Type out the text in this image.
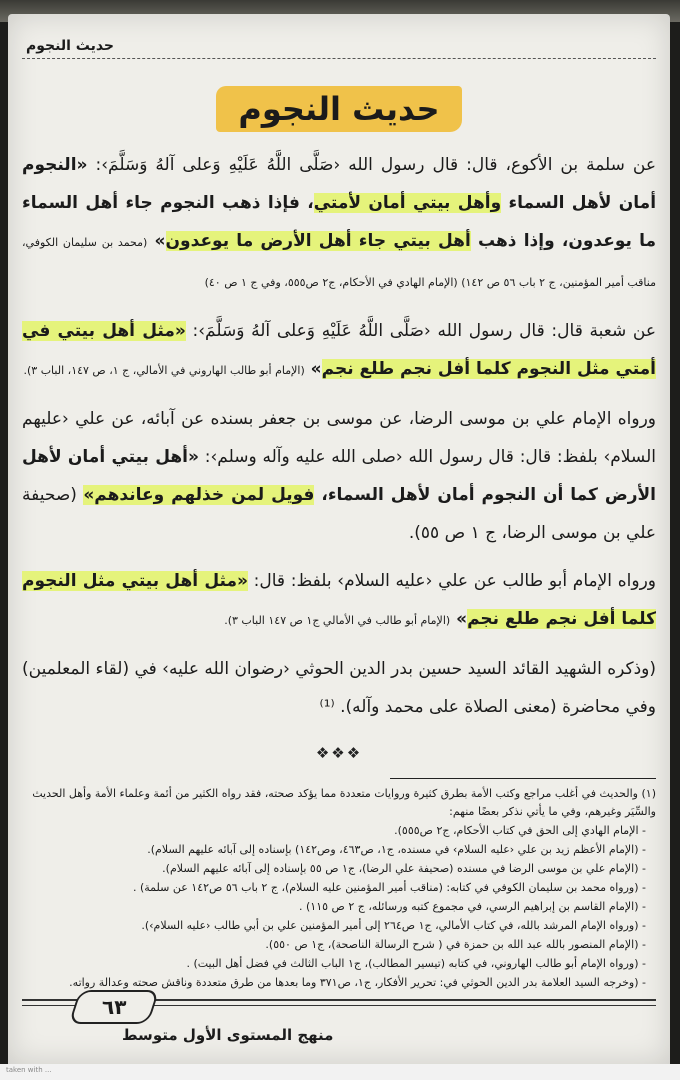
حديث النجوم
حديث النجوم

عن سلمة بن الأكوع، قال: قال رسول الله ‹صَلَّى اللَّهُ عَلَيْهِ وَعلى آلهُ وَسَلَّمَ›: «النجوم أمان لأهل السماء وأهل بيتي أمان لأمتي، فإذا ذهب النجوم جاء أهل السماء ما يوعدون، وإذا ذهب أهل بيتي جاء أهل الأرض ما يوعدون» (محمد بن سليمان الكوفي، مناقب أمير المؤمنين، ج ٢ باب ٥٦ ص ١٤٢) (الإمام الهادي في الأحكام، ج٢ ص٥٥٥، وفي ج ١ ص ٤٠)

عن شعبة قال: قال رسول الله ‹صَلَّى اللَّهُ عَلَيْهِ وَعلى آلهُ وَسَلَّمَ›: «مثل أهل بيتي في أمتي مثل النجوم كلما أفل نجم طلع نجم» (الإمام أبو طالب الهاروني في الأمالي، ج ١، ص ١٤٧، الباب ٣).

ورواه الإمام علي بن موسى الرضا، عن موسى بن جعفر بسنده عن آبائه، عن علي ‹عليهم السلام› بلفظ: قال: قال رسول الله ‹صلى الله عليه وآله وسلم›: «أهل بيتي أمان لأهل الأرض كما أن النجوم أمان لأهل السماء، فويل لمن خذلهم وعاندهم» (صحيفة علي بن موسى الرضا، ج ١ ص ٥٥).

ورواه الإمام أبو طالب عن علي ‹عليه السلام› بلفظ: قال: «مثل أهل بيتي مثل النجوم كلما أفل نجم طلع نجم» (الإمام أبو طالب في الأمالي ج١ ص ١٤٧ الباب ٣).

(وذكره الشهيد القائد السيد حسين بدر الدين الحوثي ‹رضوان الله عليه› في (لقاء المعلمين) وفي محاضرة (معنى الصلاة على محمد وآله). ⁽¹⁾

❖❖❖
(١) والحديث في أغلب مراجع وكتب الأمة بطرق كثيرة وروايات متعددة مما يؤكد صحته، فقد رواه الكثير من أئمة وعلماء الأمة وأهل الحديث والسِّيَر وغيرهم، وفي ما يأتي نذكر بعضًا منهم:
- الإمام الهادي إلى الحق في كتاب الأحكام، ج٢ ص٥٥٥).
- (الإمام الأعظم زيد بن علي ‹عليه السلام› في مسنده، ج١، ص٤٦٣، وص١٤٢) بإسناده إلى آبائه عليهم السلام).
- (الإمام علي بن موسى الرضا في مسنده (صحيفة علي الرضا)، ج١ ص ٥٥ بإسناده إلى آبائه عليهم السلام).
- (ورواه محمد بن سليمان الكوفي في كتابه: (مناقب أمير المؤمنين عليه السلام)، ج ٢ باب ٥٦ ص١٤٢ عن سلمة) .
- (الإمام القاسم بن إبراهيم الرسي، في مجموع كتبه ورسائله، ج ٢ ص ١١٥) .
- (ورواه الإمام المرشد بالله، في كتاب الأمالي، ج١ ص٢٦٤ إلى أمير المؤمنين علي بن أبي طالب ‹عليه السلام›).
- (الإمام المنصور بالله عبد الله بن حمزة في ( شرح الرسالة الناصحة)، ج١ ص ٥٥٠).
- (ورواه الإمام أبو طالب الهاروني، في كتابه (تيسير المطالب)، ج١ الباب الثالث في فضل أهل البيت) .
- (وخرجه السيد العلامة بدر الدين الحوثي في: تحرير الأفكار، ج١، ص٣٧١ وما بعدها من طرق متعددة وناقش صحته وعدالة رواته.
٦٣
منهج المستوى الأول متوسط
taken with ...
